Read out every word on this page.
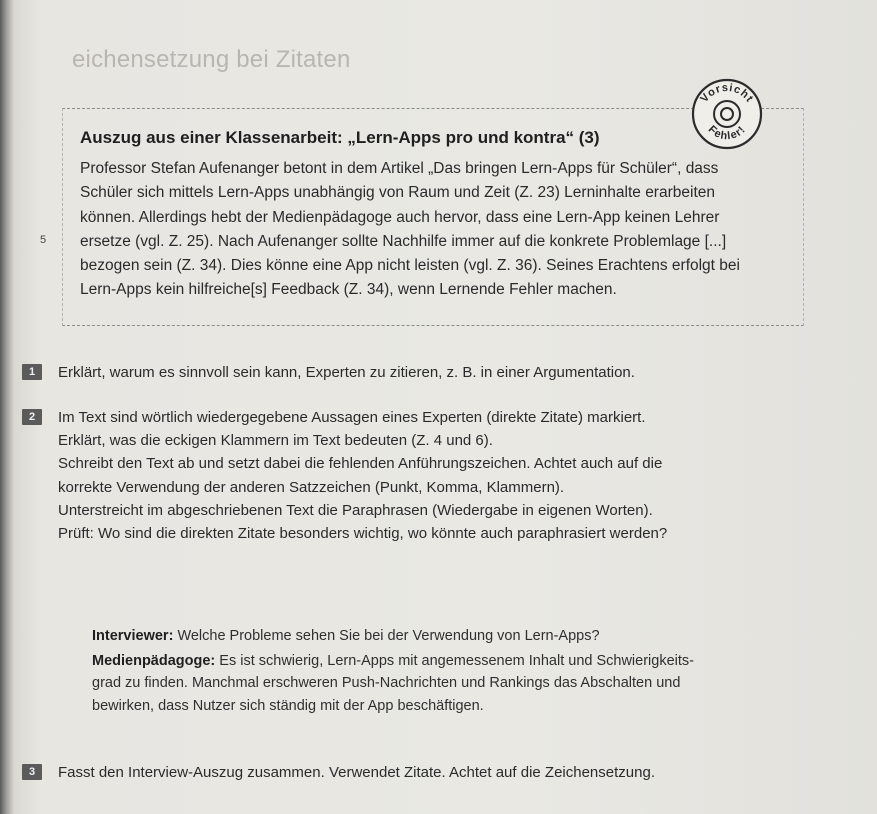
eichensetzung bei Zitaten
Vorsicht
Fehler!
Auszug aus einer Klassenarbeit: „Lern-Apps pro und kontra“ (3)
5

Professor Stefan Aufenanger betont in dem Artikel „Das bringen Lern-Apps für Schüler“, dass
Schüler sich mittels Lern-Apps unabhängig von Raum und Zeit (Z. 23) Lerninhalte erarbeiten
können. Allerdings hebt der Medienpädagoge auch hervor, dass eine Lern-App keinen Lehrer
ersetze (vgl. Z. 25). Nach Aufenanger sollte Nachhilfe immer auf die konkrete Problemlage [...]
bezogen sein (Z. 34). Dies könne eine App nicht leisten (vgl. Z. 36). Seines Erachtens erfolgt bei
Lern-Apps kein hilfreiche[s] Feedback (Z. 34), wenn Lernende Fehler machen.

1	Erklärt, warum es sinnvoll sein kann, Experten zu zitieren, z. B. in einer Argumentation.
2	Im Text sind wörtlich wiedergegebene Aussagen eines Experten (direkte Zitate) markiert.
Erklärt, was die eckigen Klammern im Text bedeuten (Z. 4 und 6).
Schreibt den Text ab und setzt dabei die fehlenden Anführungszeichen. Achtet auch auf die
korrekte Verwendung der anderen Satzzeichen (Punkt, Komma, Klammern).
Unterstreicht im abgeschriebenen Text die Paraphrasen (Wiedergabe in eigenen Worten).
Prüft: Wo sind die direkten Zitate besonders wichtig, wo könnte auch paraphrasiert werden?

Interviewer: Welche Probleme sehen Sie bei der Verwendung von Lern-Apps?

Medienpädagoge: Es ist schwierig, Lern-Apps mit angemessenem Inhalt und Schwierigkeits-
grad zu finden. Manchmal erschweren Push-Nachrichten und Rankings das Abschalten und
bewirken, dass Nutzer sich ständig mit der App beschäftigen.

3	Fasst den Interview-Auszug zusammen. Verwendet Zitate. Achtet auf die Zeichensetzung.
